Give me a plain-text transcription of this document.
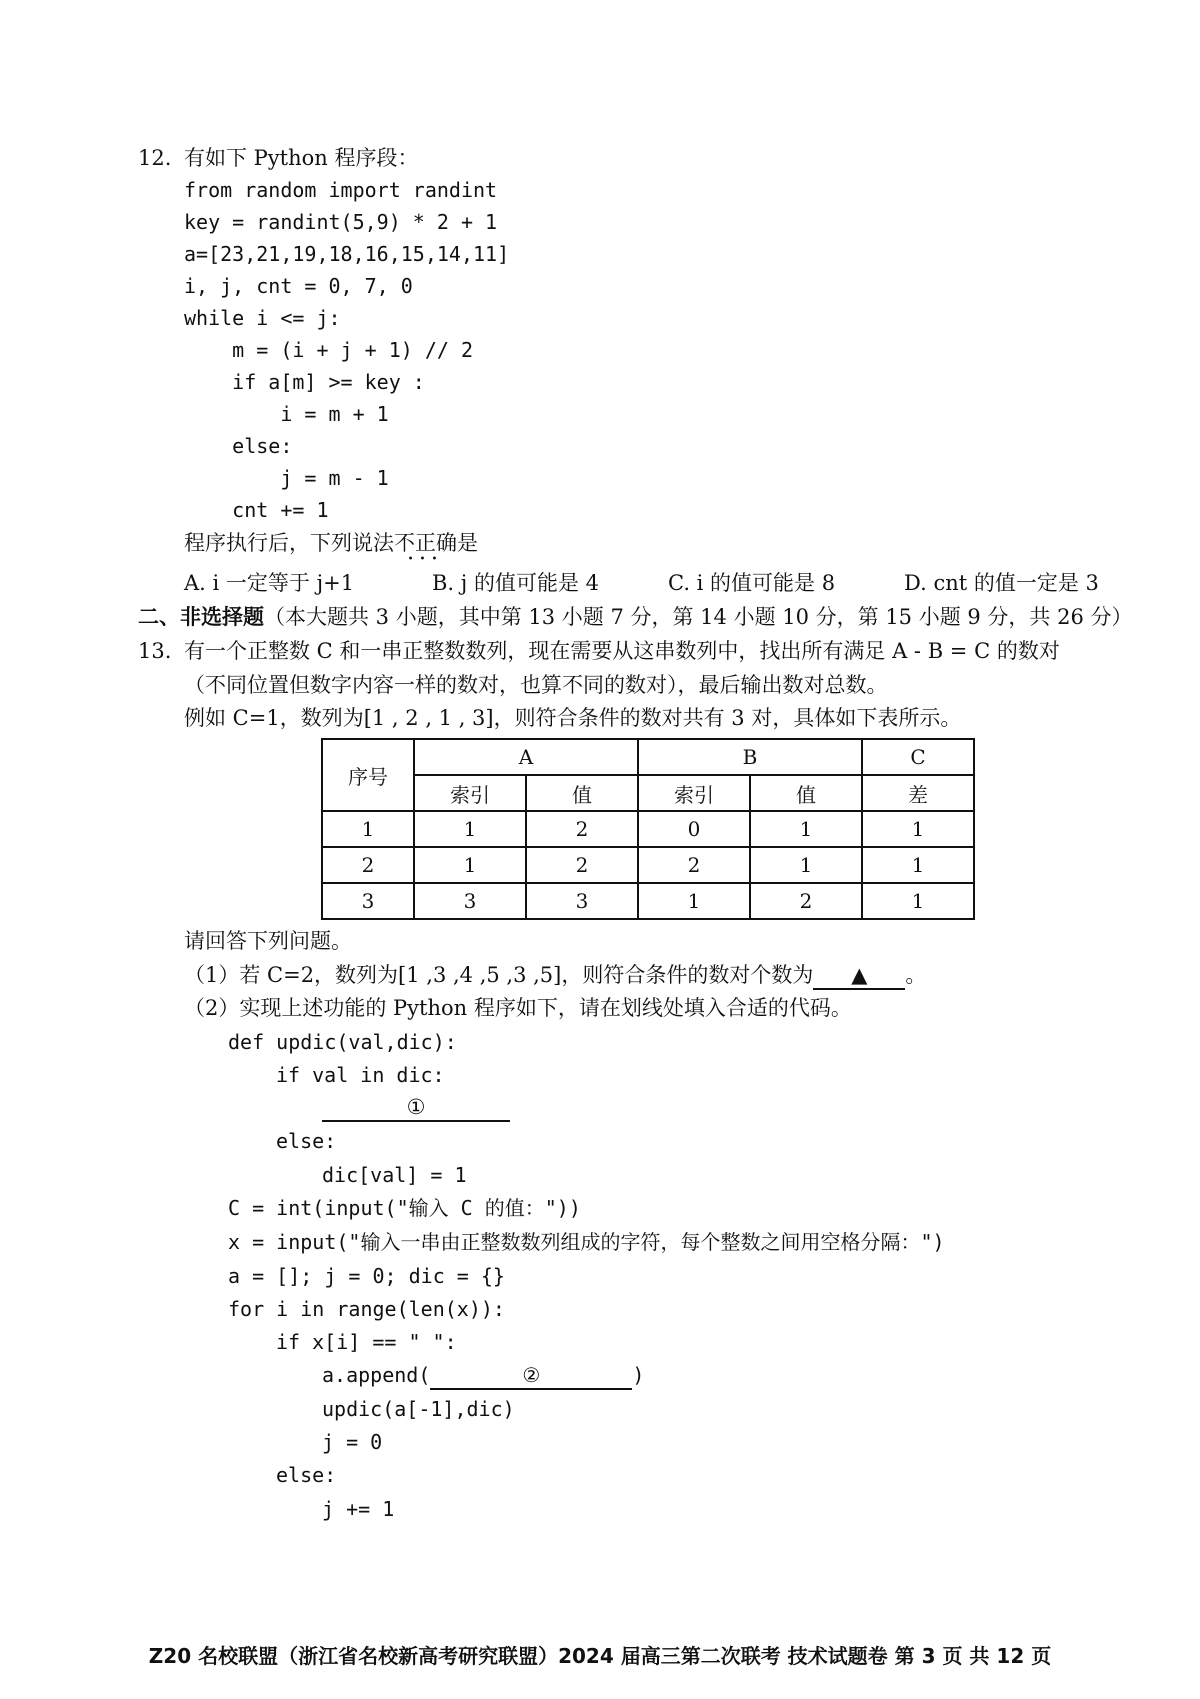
12. 有如下 Python 程序段：
from random import randint
key = randint(5,9) * 2 + 1
a=[23,21,19,18,16,15,14,11]
i, j, cnt = 0, 7, 0
while i <= j:
m = (i + j + 1) // 2
if a[m] >= key :
i = m + 1
else:
j = m - 1
cnt += 1
程序执行后，下列说法不正确
•••
是
A. i 一定等于 j+1	B. j 的值可能是 4	C. i 的值可能是 8	D. cnt 的值一定是 3
二、非选择题（本大题共 3 小题，其中第 13 小题 7 分，第 14 小题 10 分，第 15 小题 9 分，共 26 分）
13. 有一个正整数 C 和一串正整数数列，现在需要从这串数列中，找出所有满足 A - B = C 的数对
（不同位置但数字内容一样的数对，也算不同的数对），最后输出数对总数。
例如 C=1，数列为[1 , 2 , 1 , 3]，则符合条件的数对共有 3 对，具体如下表所示。
序号	A		B		C
	索引	值	索引	值	差
1	1	2	0	1	1
2	1	2	2	1	1
3	3	3	1	2	1
请回答下列问题。
（1）若 C=2，数列为[1 ,3 ,4 ,5 ,3 ,5]，则符合条件的数对个数为 ▲ 。
（2）实现上述功能的 Python 程序如下，请在划线处填入合适的代码。
def updic(val,dic):
if val in dic:
①
else:
dic[val] = 1
C = int(input("输入 C 的值："))
x = input("输入一串由正整数数列组成的字符，每个整数之间用空格分隔：")
a = []; j = 0; dic = {}
for i in range(len(x)):
if x[i] == " ":
a.append(	②	)
updic(a[-1],dic)
j = 0
else:
j += 1
Z20 名校联盟（浙江省名校新高考研究联盟）2024 届高三第二次联考 技术试题卷 第 3 页 共 12 页
